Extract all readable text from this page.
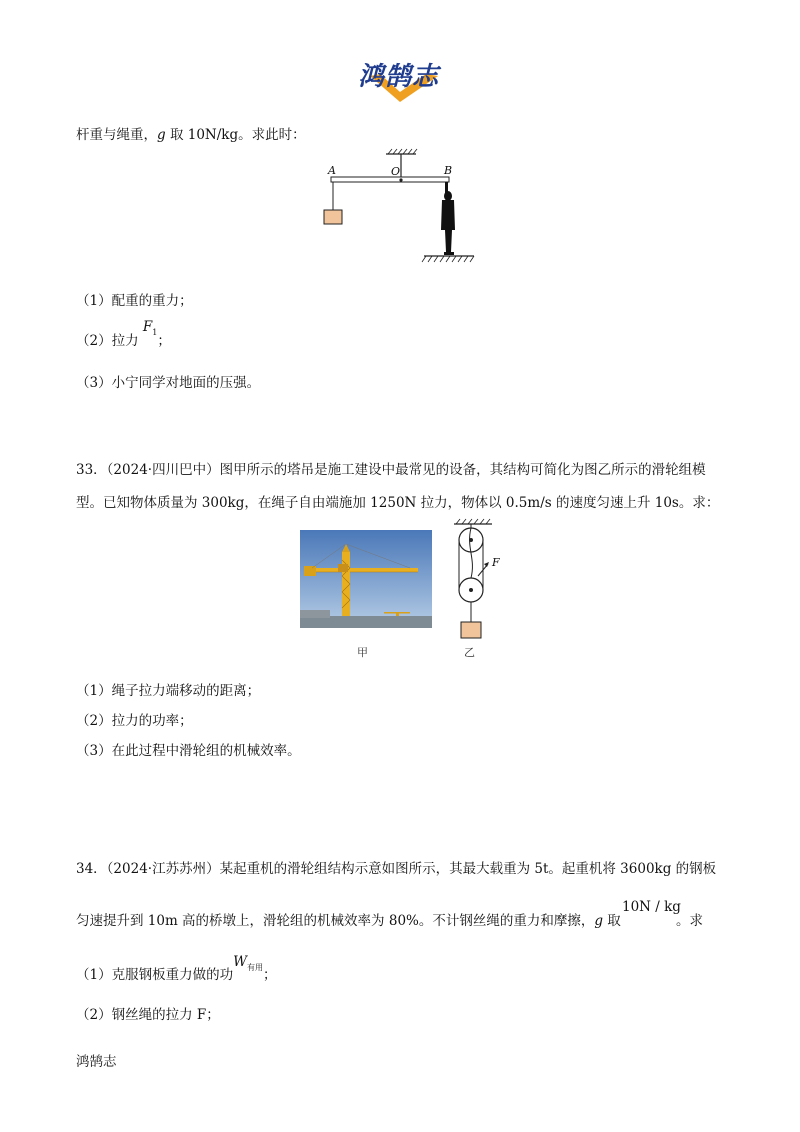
鸿鹄志
杆重与绳重，g 取 10N/kg。求此时：
A	O	B
（1）配重的重力；
（2）拉力 $F^1$；
（3）小宁同学对地面的压强。
33．（2024·四川巴中）图甲所示的塔吊是施工建设中最常见的设备，其结构可简化为图乙所示的滑轮组模
型。已知物体质量为 300kg，在绳子自由端施加 1250N 拉力，物体以 0.5m/s 的速度匀速上升 10s。求：
甲
F
乙
（1）绳子拉力端移动的距离；
（2）拉力的功率；
（3）在此过程中滑轮组的机械效率。
34．（2024·江苏苏州）某起重机的滑轮组结构示意如图所示，其最大载重为 5t。起重机将 3600kg 的钢板
匀速提升到 10m 高的桥墩上，滑轮组的机械效率为 80%。不计钢丝绳的重力和摩擦，g 取
10N / kg
。求
（1）克服钢板重力做的功$W^{有用}$；
（2）钢丝绳的拉力 F；
鸿鹄志
